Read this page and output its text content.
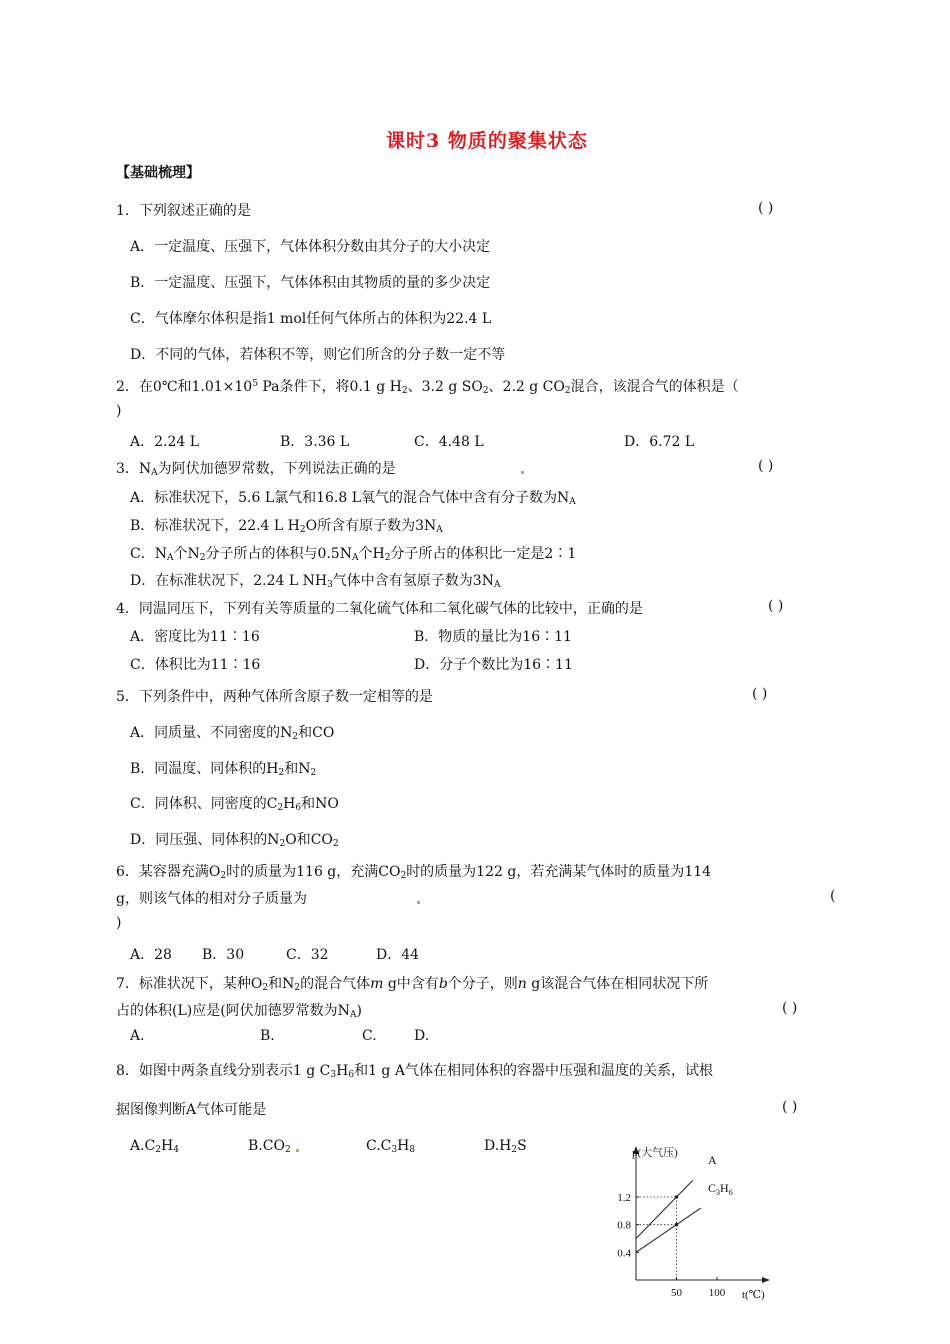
课时3 物质的聚集状态
【基础梳理】
1．下列叙述正确的是	( )
A．一定温度、压强下，气体体积分数由其分子的大小决定
B．一定温度、压强下，气体体积由其物质的量的多少决定
C．气体摩尔体积是指1 mol任何气体所占的体积为22.4 L
D．不同的气体，若体积不等，则它们所含的分子数一定不等
2．在0℃和$1.01\times 10^5$ Pa条件下，将0.1 g $H_2$、3.2 g $SO_2$、2.2 g $CO_2$混合，该混合气的体积是（
)
A．2.24 L	B．3.36 L	C．4.48 L	D．6.72 L
3．$N_A$为阿伏加德罗常数，下列说法正确的是	( )
A．标准状况下，5.6 L氯气和16.8 L氧气的混合气体中含有分子数为$N_A$
B．标准状况下，22.4 L $H_2O$所含有原子数为$3N_A$
C．$N_A$个$N_2$分子所占的体积与$0.5N_A$个$H_2$分子所占的体积比一定是2∶1
D．在标准状况下，2.24 L $NH_3$气体中含有氢原子数为$3N_A$
4．同温同压下，下列有关等质量的二氧化硫气体和二氧化碳气体的比较中，正确的是	( )
A．密度比为11∶16	B．物质的量比为16∶11
C．体积比为11∶16	D．分子个数比为16∶11
5．下列条件中，两种气体所含原子数一定相等的是	( )
A．同质量、不同密度的$N_2$和CO
B．同温度、同体积的$H_2$和$N_2$
C．同体积、同密度的$C_2H_6$和NO
D．同压强、同体积的$N_2O$和$CO_2$
6．某容器充满$O_2$时的质量为116 g，充满$CO_2$时的质量为122 g，若充满某气体时的质量为114
g，则该气体的相对分子质量为	(
)
A．28 B．30	C．32	D．44
7．标准状况下，某种$O_2$和$N_2$的混合气体m g中含有b个分子，则n g该混合气体在相同状况下所
占的体积(L)应是(阿伏加德罗常数为$N_A$)	( )
A.	B.	C.	D.
8．如图中两条直线分别表示1 g $C_3H_6$和1 g A气体在相同体积的容器中压强和温度的关系，试根
据图像判断A气体可能是	( )
$A.C_2H_4$	$B.CO_2$	$C.C_3H_8$	$D.H_2S$
1.2
0.8
0.4
50 100
A
$C_3H_6$
p(大气压)
t(℃)
